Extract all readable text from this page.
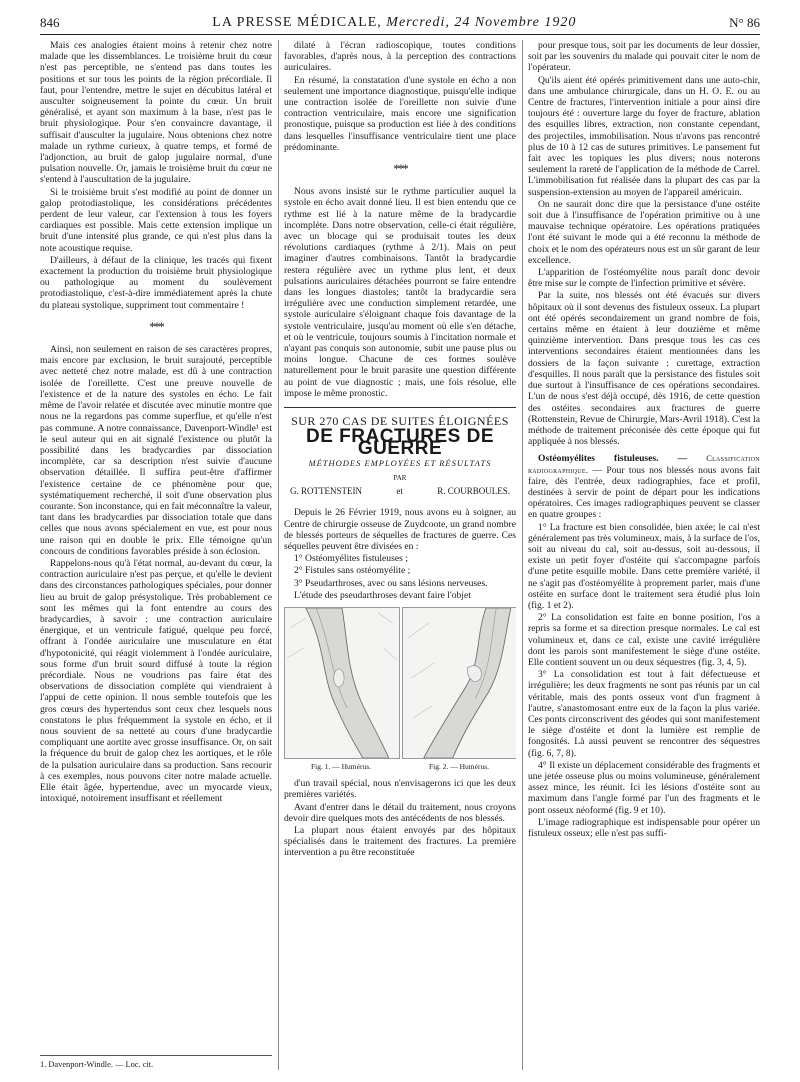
846	LA PRESSE MÉDICALE, Mercredi, 24 Novembre 1920	N° 86

Mais ces analogies étaient moins à retenir chez notre malade que les dissemblances. Le troisième bruit du cœur n'est pas perceptible, ne s'entend pas dans toutes les positions et sur tous les points de la région précordiale. Il faut, pour l'entendre, mettre le sujet en décubitus latéral et ausculter soigneusement la pointe du cœur. Un bruit généralisé, et ayant son maximum à la base, n'est pas le bruit physiologique. Pour s'en convaincre davantage, il suffisait d'ausculter la jugulaire. Nous obtenions chez notre malade un rythme curieux, à quatre temps, et formé de l'adjonction, au bruit de galop jugulaire normal, d'une pulsation nouvelle. Or, jamais le troisième bruit du cœur ne s'entend à l'auscultation de la jugulaire.

Si le troisième bruit s'est modifié au point de donner un galop protodiastolique, les considérations précédentes perdent de leur valeur, car l'extension à tous les foyers cardiaques est possible. Mais cette extension implique un bruit d'une intensité plus grande, ce qui n'est plus dans la note acoustique requise.

D'ailleurs, à défaut de la clinique, les tracés qui fixent exactement la production du troisième bruit physiologique ou pathologique au moment du soulèvement protodiastolique, c'est-à-dire immédiatement après la chute du plateau systolique, suppriment tout commentaire !

***

Ainsi, non seulement en raison de ses caractères propres, mais encore par exclusion, le bruit surajouté, perceptible avec netteté chez notre malade, est dû à une contraction isolée de l'oreillette. C'est une preuve nouvelle de l'existence et de la nature des systoles en écho. Le fait même de l'avoir relatée et discutée avec minutie montre que nous ne la regardons pas comme superflue, et qu'elle n'est pas commune. A notre connaissance, Davenport-Windle¹ est le seul auteur qui en ait signalé l'existence ou plutôt la possibilité dans les bradycardies par dissociation incomplète, car sa description n'est suivie d'aucune observation détaillée. Il suffira peut-être d'affirmer l'existence certaine de ce phénomène pour que, systématiquement recherché, il soit d'une observation plus courante. Son inconstance, qui en fait méconnaître la valeur, tant dans les bradycardies par dissociation totale que dans celles que nous avons spécialement en vue, est pour nous une raison qui en double le prix. Elle témoigne qu'un concours de conditions favorables préside à son éclosion.

Rappelons-nous qu'à l'état normal, au-devant du cœur, la contraction auriculaire n'est pas perçue, et qu'elle le devient dans des circonstances pathologiques spéciales, pour donner lieu au bruit de galop présystolique. Très probablement ce sont les mêmes qui la font entendre au cours des bradycardies, à savoir : une contraction auriculaire énergique, et un ventricule fatigué, quelque peu forcé, offrant à l'ondée auriculaire une musculature en état d'hypotonicité, qui réagit violemment à l'ondée auriculaire, sous forme d'un bruit sourd diffusé à toute la région précordiale. Nous ne voudrions pas faire état des observations de dissociation complète qui viendraient à l'appui de cette opinion. Il nous semble toutefois que les gros cœurs des hypertendus sont ceux chez lesquels nous constatons le plus fréquemment la systole en écho, et il nous souvient de sa netteté au cours d'une bradycardie compliquant une aortite avec grosse insuffisance. Or, on sait la fréquence du bruit de galop chez les aortiques, et le rôle de la pulsation auriculaire dans sa production. Sans recourir à ces exemples, nous pouvons citer notre malade actuelle. Elle était âgée, hypertendue, avec un myocarde vieux, intoxiqué, notoirement insuffisant et réellement

1. Davenport-Windle. — Loc. cit.

dilaté à l'écran radioscopique, toutes conditions favorables, d'après nous, à la perception des contractions auriculaires.

En résumé, la constatation d'une systole en écho a non seulement une importance diagnostique, puisqu'elle indique une contraction isolée de l'oreillette non suivie d'une contraction ventriculaire, mais encore une signification pronostique, puisque sa production est liée à des conditions dans lesquelles l'insuffisance ventriculaire tient une place prédominante.

***

Nous avons insisté sur le rythme particulier auquel la systole en écho avait donné lieu. Il est bien entendu que ce rythme est lié à la nature même de la bradycardie incomplète. Dans notre observation, celle-ci était régulière, avec un blocage qui se produisait toutes les deux révolutions cardiaques (rythme à 2/1). Mais on peut imaginer d'autres combinaisons. Tantôt la bradycardie restera régulière avec un rythme plus lent, et deux pulsations auriculaires détachées pourront se faire entendre dans les longues diastoles; tantôt la bradycardie sera irrégulière avec une conduction simplement retardée, une systole auriculaire s'éloignant chaque fois davantage de la systole ventriculaire, jusqu'au moment où elle s'en détache, et où le ventricule, toujours soumis à l'incitation normale et n'ayant pas conquis son autonomie, subit une pause plus ou moins longue. Chacune de ces formes soulève naturellement pour le bruit parasite une question différente au point de vue diagnostic ; mais, une fois résolue, elle impose le même pronostic.

SUR 270 CAS DE SUITES ÉLOIGNÉES
DE FRACTURES DE GUERRE
MÉTHODES EMPLOYÉES ET RÉSULTATS
PAR
G. ROTTENSTEIN	et	R. COURBOULES.

Depuis le 26 Février 1919, nous avons eu à soigner, au Centre de chirurgie osseuse de Zuydcoote, un grand nombre de blessés porteurs de séquelles de fractures de guerre. Ces séquelles peuvent être divisées en :

1° Ostéomyélites fistuleuses ;
2° Fistules sans ostéomyélite ;
3° Pseudarthroses, avec ou sans lésions nerveuses.

L'étude des pseudarthroses devant faire l'objet

Fig. 1. — Humérus.	Fig. 2. — Humérus.

d'un travail spécial, nous n'envisagerons ici que les deux premières variétés.

Avant d'entrer dans le détail du traitement, nous croyons devoir dire quelques mots des antécédents de nos blessés.

La plupart nous étaient envoyés par des hôpitaux spécialisés dans le traitement des fractures. La première intervention a pu être reconstituée

pour presque tous, soit par les documents de leur dossier, soit par les souvenirs du malade qui pouvait citer le nom de l'opérateur.

Qu'ils aient été opérés primitivement dans une auto-chir, dans une ambulance chirurgicale, dans un H. O. E. ou au Centre de fractures, l'intervention initiale a pour ainsi dire toujours été : ouverture large du foyer de fracture, ablation des esquilles libres, extraction, non constante cependant, des projectiles, immobilisation. Nous n'avons pas rencontré plus de 10 à 12 cas de sutures primitives. Le pansement fut fait avec les topiques les plus divers; nous noterons seulement la rareté de l'application de la méthode de Carrel. L'immobilisation fut réalisée dans la plupart des cas par la suspension-extension au moyen de l'appareil américain.

On ne saurait donc dire que la persistance d'une ostéite soit due à l'insuffisance de l'opération primitive ou à une mauvaise technique opératoire. Les opérations pratiquées l'ont été suivant le mode qui a été reconnu la méthode de choix et le nom des opérateurs nous est un sûr garant de leur excellence.

L'apparition de l'ostéomyélite nous paraît donc devoir être mise sur le compte de l'infection primitive et sévère.

Par la suite, nos blessés ont été évacués sur divers hôpitaux où il sont devenus des fistuleux osseux. La plupart ont été opérés secondairement un grand nombre de fois, certains même en étaient à leur douzième et même quinzième intervention. Dans presque tous les cas ces interventions secondaires étaient mentionnées dans les dossiers de la façon suivante : curettage, extraction d'esquilles. Il nous paraît que la persistance des fistules soit due surtout à l'insuffisance de ces opérations secondaires. L'un de nous s'est déjà occupé, dès 1916, de cette question des ostéites secondaires aux fractures de guerre (Rottenstein, Revue de Chirurgie, Mars-Avril 1918). C'est la méthode de traitement préconisée dès cette époque qui fut appliquée à nos blessés.

Ostéomyélites fistuleuses. — Classification radiographique. — Pour tous nos blessés nous avons fait faire, dès l'entrée, deux radiographies, face et profil, destinées à servir de point de départ pour les indications opératoires. Ces images radiographiques peuvent se classer en quatre groupes :

1° La fracture est bien consolidée, bien axée; le cal n'est généralement pas très volumineux, mais, à la surface de l'os, soit au niveau du cal, soit au-dessus, soit au-dessous, il existe un petit foyer d'ostéite qui s'accompagne parfois d'une petite esquille mobile. Dans cette première variété, il ne s'agit pas d'ostéomyélite à proprement parler, mais d'une ostéite en surface dont le traitement sera étudié plus loin (fig. 1 et 2).

2° La consolidation est faite en bonne position, l'os a repris sa forme et sa direction presque normales. Le cal est volumineux et, dans ce cal, existe une cavité irrégulière dont les parois sont manifestement le siège d'une ostéite. Elle contient souvent un ou deux séquestres (fig. 3, 4, 5).

3° La consolidation est tout à fait défectueuse et irrégulière; les deux fragments ne sont pas réunis par un cal véritable, mais des ponts osseux vont d'un fragment à l'autre, s'anastomosant entre eux de la façon la plus variée. Ces ponts circonscrivent des géodes qui sont manifestement le siège d'ostéite et dont la lumière est remplie de fongosités. Là aussi peuvent se rencontrer des séquestres (fig. 6, 7, 8).

4° Il existe un déplacement considérable des fragments et une jetée osseuse plus ou moins volumineuse, généralement assez mince, les réunit. Ici les lésions d'ostéite sont au maximum dans l'angle formé par l'un des fragments et le pont osseux néoformé (fig. 9 et 10).

L'image radiographique est indispensable pour opérer un fistuleux osseux; elle n'est pas suffi-
